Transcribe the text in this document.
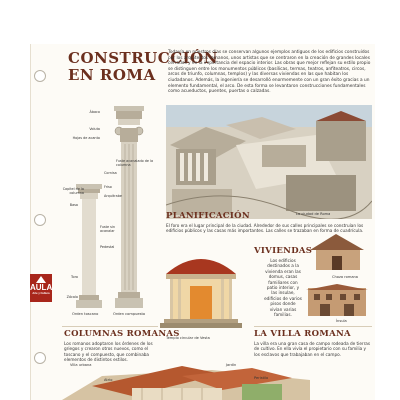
CONSTRUCCIÓN
EN ROMA
Todavía en nuestros días se conservan algunos ejemplos antiguos de los edificios construidos por los arquitectos romanos, unos artistas que se centraron en la creación de grandes locales cerrados y en la importancia del espacio interior. Las obras que mejor reflejan su estilo propio se distinguen entre los monumentos públicos (basílicas, termas, teatros, anfiteatros, circos, arcos de triunfo, columnas, templos) y las diversas viviendas en las que habitan los ciudadanos. Además, la ingeniería se desarrolló enormemente con un gran éxito gracias a un elemento fundamental, el arco. De esta forma se levantaron construcciones fundamentales como acueductos, puentes, puertas o calzadas.
La ciudad de Roma
Ábaco
Voluta
Hojas de acanto
Fuste acanalado de la columna
Capitel de la columna
Basa
Cornisa
Friso
Arquitrabe
Fuste sin acanalar
Pedestal
Toro
Zócalo
Orden toscano	Orden compuesto
AULA
Arte y Cultura
PLANIFICACIÓN
El foro era el lugar principal de la ciudad. Alrededor de sus calles principales se construían los edificios públicos y las casas más importantes. Las calles se trazaban en forma de cuadrícula.
Templo circular de Vesta
VIVIENDAS
Los edificios destinados a la vivienda eran las domus, casas familiares con patio interior, y las insulae, edificios de varios pisos donde vivían varias familias.
Choza romana
Ínsula
COLUMNAS ROMANAS
Los romanos adoptaron los órdenes de los griegos y crearon otros nuevos, como el toscano y el compuesto, que combinaba elementos de distintos estilos.
LA VILLA ROMANA
La villa era una gran casa de campo rodeada de tierras de cultivo. En ella vivía el propietario con su familia y los esclavos que trabajaban en el campo.
Villa urbana
Atrio
Jardín
Peristilo
